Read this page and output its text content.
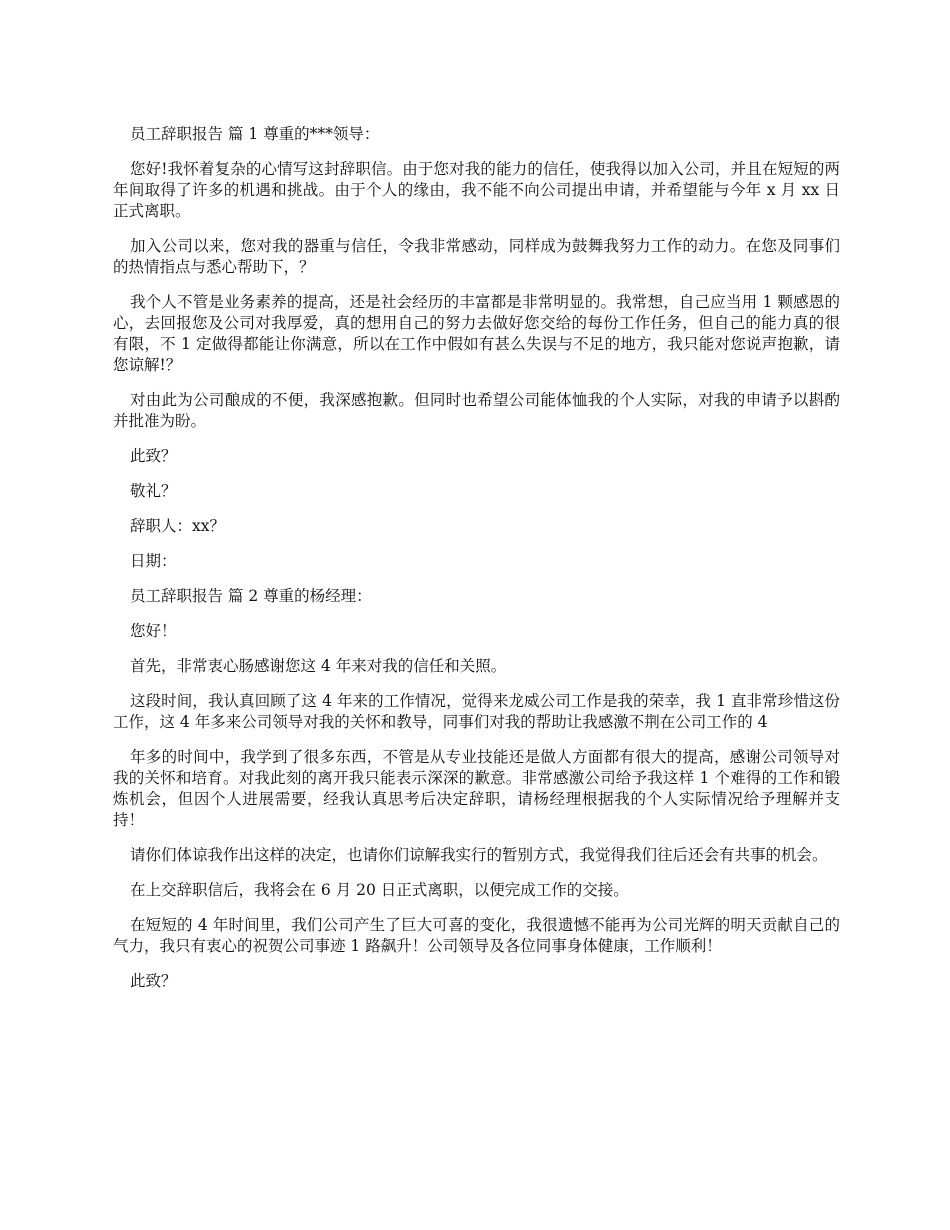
员工辞职报告 篇 1 尊重的***领导：

您好!我怀着复杂的心情写这封辞职信。由于您对我的能力的信任，使我得以加入公司，并且在短短的两年间取得了许多的机遇和挑战。由于个人的缘由，我不能不向公司提出申请，并希望能与今年 x 月 xx 日正式离职。

加入公司以来，您对我的器重与信任，令我非常感动，同样成为鼓舞我努力工作的动力。在您及同事们的热情指点与悉心帮助下，？

我个人不管是业务素养的提高，还是社会经历的丰富都是非常明显的。我常想，自己应当用 1 颗感恩的心，去回报您及公司对我厚爱，真的想用自己的努力去做好您交给的每份工作任务，但自己的能力真的很有限，不 1 定做得都能让你满意，所以在工作中假如有甚么失误与不足的地方，我只能对您说声抱歉，请您谅解!？

对由此为公司酿成的不便，我深感抱歉。但同时也希望公司能体恤我的个人实际，对我的申请予以斟酌并批准为盼。

此致？

敬礼？

辞职人：xx？

日期：

员工辞职报告 篇 2 尊重的杨经理：

您好！

首先，非常衷心肠感谢您这 4 年来对我的信任和关照。

这段时间，我认真回顾了这 4 年来的工作情况，觉得来龙威公司工作是我的荣幸，我 1 直非常珍惜这份工作，这 4 年多来公司领导对我的关怀和教导，同事们对我的帮助让我感激不荆在公司工作的 4

年多的时间中，我学到了很多东西，不管是从专业技能还是做人方面都有很大的提高，感谢公司领导对我的关怀和培育。对我此刻的离开我只能表示深深的歉意。非常感激公司给予我这样 1 个难得的工作和锻炼机会，但因个人进展需要，经我认真思考后决定辞职，请杨经理根据我的个人实际情况给予理解并支持！

请你们体谅我作出这样的决定，也请你们谅解我实行的暂别方式，我觉得我们往后还会有共事的机会。

在上交辞职信后，我将会在 6 月 20 日正式离职，以便完成工作的交接。

在短短的 4 年时间里，我们公司产生了巨大可喜的变化，我很遗憾不能再为公司光辉的明天贡献自己的气力，我只有衷心的祝贺公司事迹 1 路飙升！公司领导及各位同事身体健康，工作顺利！

此致？
